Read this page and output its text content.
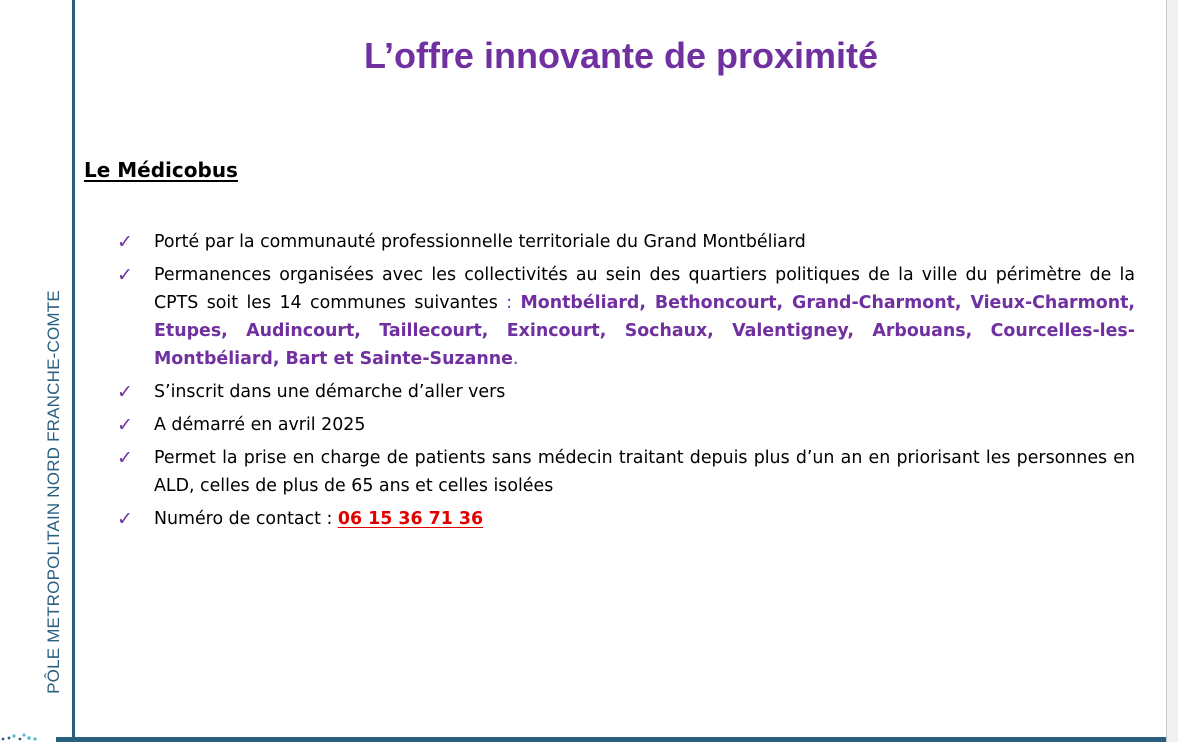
PÔLE METROPOLITAIN NORD FRANCHE-COMTE
L’offre innovante de proximité
Le Médicobus
✓ Porté par la communauté professionnelle territoriale du Grand Montbéliard
✓ Permanences organisées avec les collectivités au sein des quartiers politiques de la ville du périmètre de la CPTS soit les 14 communes suivantes : Montbéliard, Bethoncourt, Grand-Charmont, Vieux-Charmont, Etupes, Audincourt, Taillecourt, Exincourt, Sochaux, Valentigney, Arbouans, Courcelles-les-Montbéliard, Bart et Sainte-Suzanne.
✓ S’inscrit dans une démarche d’aller vers
✓ A démarré en avril 2025
✓ Permet la prise en charge de patients sans médecin traitant depuis plus d’un an en priorisant les personnes en ALD, celles de plus de 65 ans et celles isolées
✓ Numéro de contact : 06 15 36 71 36
